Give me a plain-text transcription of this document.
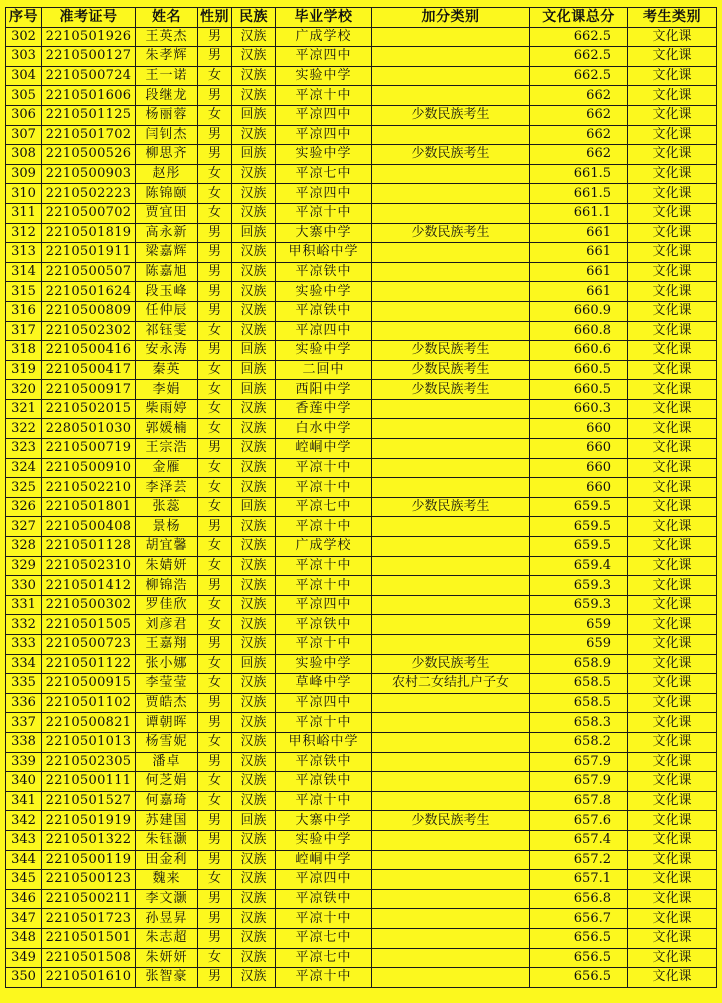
序号	准考证号	姓名	性别	民族	毕业学校	加分类别	文化课总分	考生类别
302	2210501926	王英杰	男	汉族	广成学校		662.5	文化课
303	2210500127	朱孝辉	男	汉族	平凉四中		662.5	文化课
304	2210500724	王一诺	女	汉族	实验中学		662.5	文化课
305	2210501606	段继龙	男	汉族	平凉十中		662	文化课
306	2210501125	杨丽蓉	女	回族	平凉四中	少数民族考生	662	文化课
307	2210501702	闫钊杰	男	汉族	平凉四中		662	文化课
308	2210500526	柳思齐	男	回族	实验中学	少数民族考生	662	文化课
309	2210500903	赵彤	女	汉族	平凉七中		661.5	文化课
310	2210502223	陈锦颐	女	汉族	平凉四中		661.5	文化课
311	2210500702	贾宜田	女	汉族	平凉十中		661.1	文化课
312	2210501819	高永新	男	回族	大寨中学	少数民族考生	661	文化课
313	2210501911	梁嘉辉	男	汉族	甲积峪中学		661	文化课
314	2210500507	陈嘉旭	男	汉族	平凉铁中		661	文化课
315	2210501624	段玉峰	男	汉族	实验中学		661	文化课
316	2210500809	任仲辰	男	汉族	平凉铁中		660.9	文化课
317	2210502302	祁钰雯	女	汉族	平凉四中		660.8	文化课
318	2210500416	安永涛	男	回族	实验中学	少数民族考生	660.6	文化课
319	2210500417	秦英	女	回族	二回中	少数民族考生	660.5	文化课
320	2210500917	李娟	女	回族	西阳中学	少数民族考生	660.5	文化课
321	2210502015	柴雨婷	女	汉族	香莲中学		660.3	文化课
322	2280501030	郭媛楠	女	汉族	白水中学		660	文化课
323	2210500719	王宗浩	男	汉族	崆峒中学		660	文化课
324	2210500910	金雁	女	汉族	平凉十中		660	文化课
325	2210502210	李泽芸	女	汉族	平凉十中		660	文化课
326	2210501801	张蕊	女	回族	平凉七中	少数民族考生	659.5	文化课
327	2210500408	景杨	男	汉族	平凉十中		659.5	文化课
328	2210501128	胡宜馨	女	汉族	广成学校		659.5	文化课
329	2210502310	朱婧妍	女	汉族	平凉十中		659.4	文化课
330	2210501412	柳锦浩	男	汉族	平凉十中		659.3	文化课
331	2210500302	罗佳欣	女	汉族	平凉四中		659.3	文化课
332	2210501505	刘彦君	女	汉族	平凉铁中		659	文化课
333	2210500723	王嘉翔	男	汉族	平凉十中		659	文化课
334	2210501122	张小娜	女	回族	实验中学	少数民族考生	658.9	文化课
335	2210500915	李莹莹	女	汉族	草峰中学	农村二女结扎户子女	658.5	文化课
336	2210501102	贾皓杰	男	汉族	平凉四中		658.5	文化课
337	2210500821	谭朝晖	男	汉族	平凉十中		658.3	文化课
338	2210501013	杨雪妮	女	汉族	甲积峪中学		658.2	文化课
339	2210502305	潘卓	男	汉族	平凉铁中		657.9	文化课
340	2210500111	何芝娟	女	汉族	平凉铁中		657.9	文化课
341	2210501527	何嘉琦	女	汉族	平凉十中		657.8	文化课
342	2210501919	苏建国	男	回族	大寨中学	少数民族考生	657.6	文化课
343	2210501322	朱钰灏	男	汉族	实验中学		657.4	文化课
344	2210500119	田金利	男	汉族	崆峒中学		657.2	文化课
345	2210500123	魏来	女	汉族	平凉四中		657.1	文化课
346	2210500211	李文灏	男	汉族	平凉铁中		656.8	文化课
347	2210501723	孙昱昇	男	汉族	平凉十中		656.7	文化课
348	2210501501	朱志超	男	汉族	平凉七中		656.5	文化课
349	2210501508	朱妍妍	女	汉族	平凉七中		656.5	文化课
350	2210501610	张智豪	男	汉族	平凉十中		656.5	文化课
